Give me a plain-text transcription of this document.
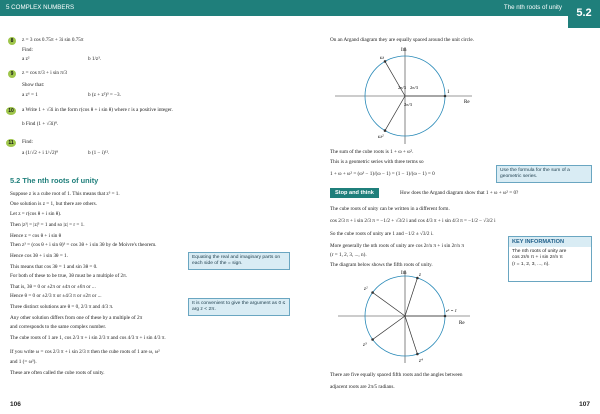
5 COMPLEX NUMBERS
8	z = 3 cos 0.75π + 3i sin 0.75π
Find:
a z²	b 1/z³.
9	z = cos π/3 + i sin π/3
Show that:
a z⁶ = 1	b (z + z²)³ = −3.
10	a Write 1 + √3i in the form r(cos θ + i sin θ) where r is a positive integer.
b Find (1 + √3i)⁸.
11	Find:
a (1/√2 + i 1/√2)⁸	b (1 − i)¹².
5.2 The nth roots of unity
Suppose z is a cube root of 1. This means that z³ = 1.
One solution is z = 1, but there are others.
Let z = r(cos θ + i sin θ).
Then |z³| = |z|³ = 1 and so |z| = r = 1.
Hence z = cos θ + i sin θ
Then z³ = (cos θ + i sin θ)³ = cos 3θ + i sin 3θ by de Moivre's theorem.
Hence cos 3θ + i sin 3θ = 1.
This means that cos 3θ = 1 and sin 3θ = 0.
For both of these to be true, 3θ must be a multiple of 2π.
That is, 3θ = 0 or ±2π or ±4π or ±6π or ...
Hence θ = 0 or ±2/3 π or ±4/3 π or ±2π or ...
Three distinct solutions are θ = 0, 2/3 π and 4/3 π.
Any other solution differs from one of these by a multiple of 2π
and corresponds to the same complex number.
The cube roots of 1 are 1, cos 2/3 π + i sin 2/3 π and cos 4/3 π + i sin 4/3 π.
If you write ω = cos 2/3 π + i sin 2/3 π then the cube roots of 1 are ω, ω²
and 1 (= ω³).
These are often called the cube roots of unity.
Equating the real and imaginary parts on each side of the = sign.
It is convenient to give the argument as 0 ≤ arg z < 2π.
106
The nth roots of unity	5.2
On an Argand diagram they are equally spaced around the unit circle.
Im
Re
1
ω
ω²
2π/3 2π/3
2π/3
The sum of the cube roots is 1 + ω + ω².
This is a geometric series with three terms so
1 + ω + ω² = (ω³ − 1)/(ω − 1) = (1 − 1)/(ω − 1) = 0
Use the formula for the sum of a geometric series.
Stop and think	How does the Argand diagram show that 1 + ω + ω² = 0?
The cube roots of unity can be written in a different form.
cos 2/3 π + i sin 2/3 π = −1/2 + √3/2 i and cos 4/3 π + i sin 4/3 π = −1/2 − √3/2 i
So the cube roots of unity are 1 and −1/2 ± √3/2 i.
More generally the nth roots of unity are cos 2r/n π + i sin 2r/n π
(r = 1, 2, 3, ..., n).
The diagram below shows the fifth roots of unity.
KEY INFORMATION
The nth roots of unity are
cos 2r/n π + i sin 2r/n π
(r = 1, 2, 3, ..., n).
Im
Re
z
z²
z³
z⁴
z⁵ = 1
There are five equally spaced fifth roots and the angles between
adjacent roots are 2π/5 radians.
107
